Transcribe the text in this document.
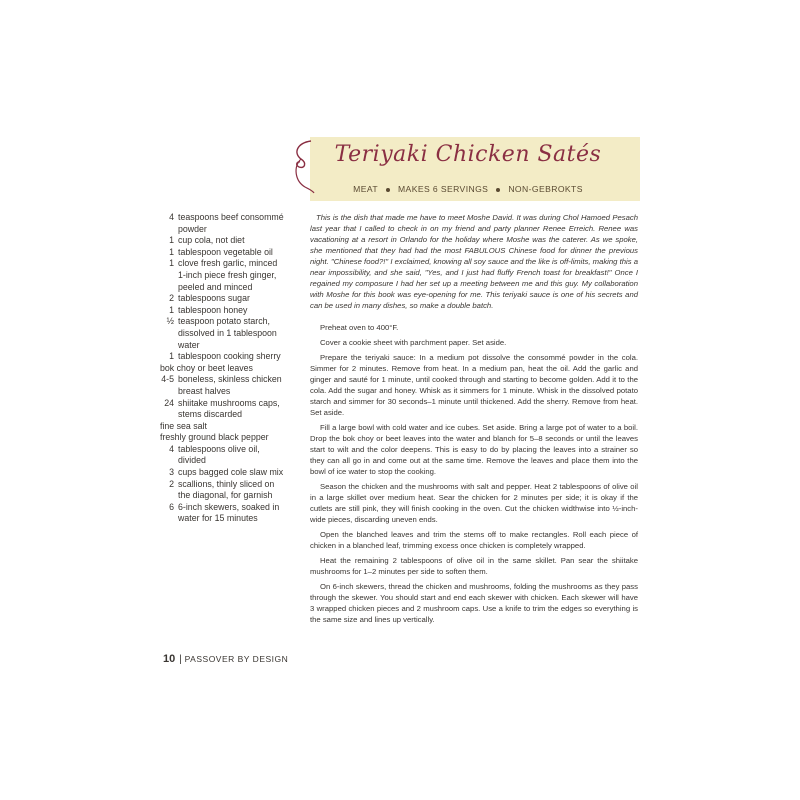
Teriyaki Chicken Satés
MEAT MAKES 6 SERVINGS NON-GEBROKTS
4 teaspoons beef consommé powder
1 cup cola, not diet
1 tablespoon vegetable oil
1 clove fresh garlic, minced
1-inch piece fresh ginger, peeled and minced
2 tablespoons sugar
1 tablespoon honey
½ teaspoon potato starch, dissolved in 1 tablespoon water
1 tablespoon cooking sherry
bok choy or beet leaves
4-5 boneless, skinless chicken breast halves
24 shiitake mushrooms caps, stems discarded
fine sea salt
freshly ground black pepper
4 tablespoons olive oil, divided
3 cups bagged cole slaw mix
2 scallions, thinly sliced on the diagonal, for garnish
6 6-inch skewers, soaked in water for 15 minutes

This is the dish that made me have to meet Moshe David. It was during Chol Hamoed Pesach last year that I called to check in on my friend and party planner Renee Erreich. Renee was vacationing at a resort in Orlando for the holiday where Moshe was the caterer. As we spoke, she mentioned that they had had the most FABULOUS Chinese food for dinner the previous night. "Chinese food?!" I exclaimed, knowing all soy sauce and the like is off-limits, making this a near impossibility, and she said, "Yes, and I just had fluffy French toast for breakfast!" Once I regained my composure I had her set up a meeting between me and this guy. My collaboration with Moshe for this book was eye-opening for me. This teriyaki sauce is one of his secrets and can be used in many dishes, so make a double batch.

Preheat oven to 400°F.

Cover a cookie sheet with parchment paper. Set aside.

Prepare the teriyaki sauce: In a medium pot dissolve the consommé powder in the cola. Simmer for 2 minutes. Remove from heat. In a medium pan, heat the oil. Add the garlic and ginger and sauté for 1 minute, until cooked through and starting to become golden. Add it to the cola. Add the sugar and honey. Whisk as it simmers for 1 minute. Whisk in the dissolved potato starch and simmer for 30 seconds–1 minute until thickened. Add the sherry. Remove from heat. Set aside.

Fill a large bowl with cold water and ice cubes. Set aside. Bring a large pot of water to a boil. Drop the bok choy or beet leaves into the water and blanch for 5–8 seconds or until the leaves start to wilt and the color deepens. This is easy to do by placing the leaves into a strainer so they can all go in and come out at the same time. Remove the leaves and place them into the bowl of ice water to stop the cooking.

Season the chicken and the mushrooms with salt and pepper. Heat 2 tablespoons of olive oil in a large skillet over medium heat. Sear the chicken for 2 minutes per side; it is okay if the cutlets are still pink, they will finish cooking in the oven. Cut the chicken widthwise into ½-inch-wide pieces, discarding uneven ends.

Open the blanched leaves and trim the stems off to make rectangles. Roll each piece of chicken in a blanched leaf, trimming excess once chicken is completely wrapped.

Heat the remaining 2 tablespoons of olive oil in the same skillet. Pan sear the shiitake mushrooms for 1–2 minutes per side to soften them.

On 6-inch skewers, thread the chicken and mushrooms, folding the mushrooms as they pass through the skewer. You should start and end each skewer with chicken. Each skewer will have 3 wrapped chicken pieces and 2 mushroom caps. Use a knife to trim the edges so everything is the same size and lines up vertically.

10 | PASSOVER BY DESIGN
